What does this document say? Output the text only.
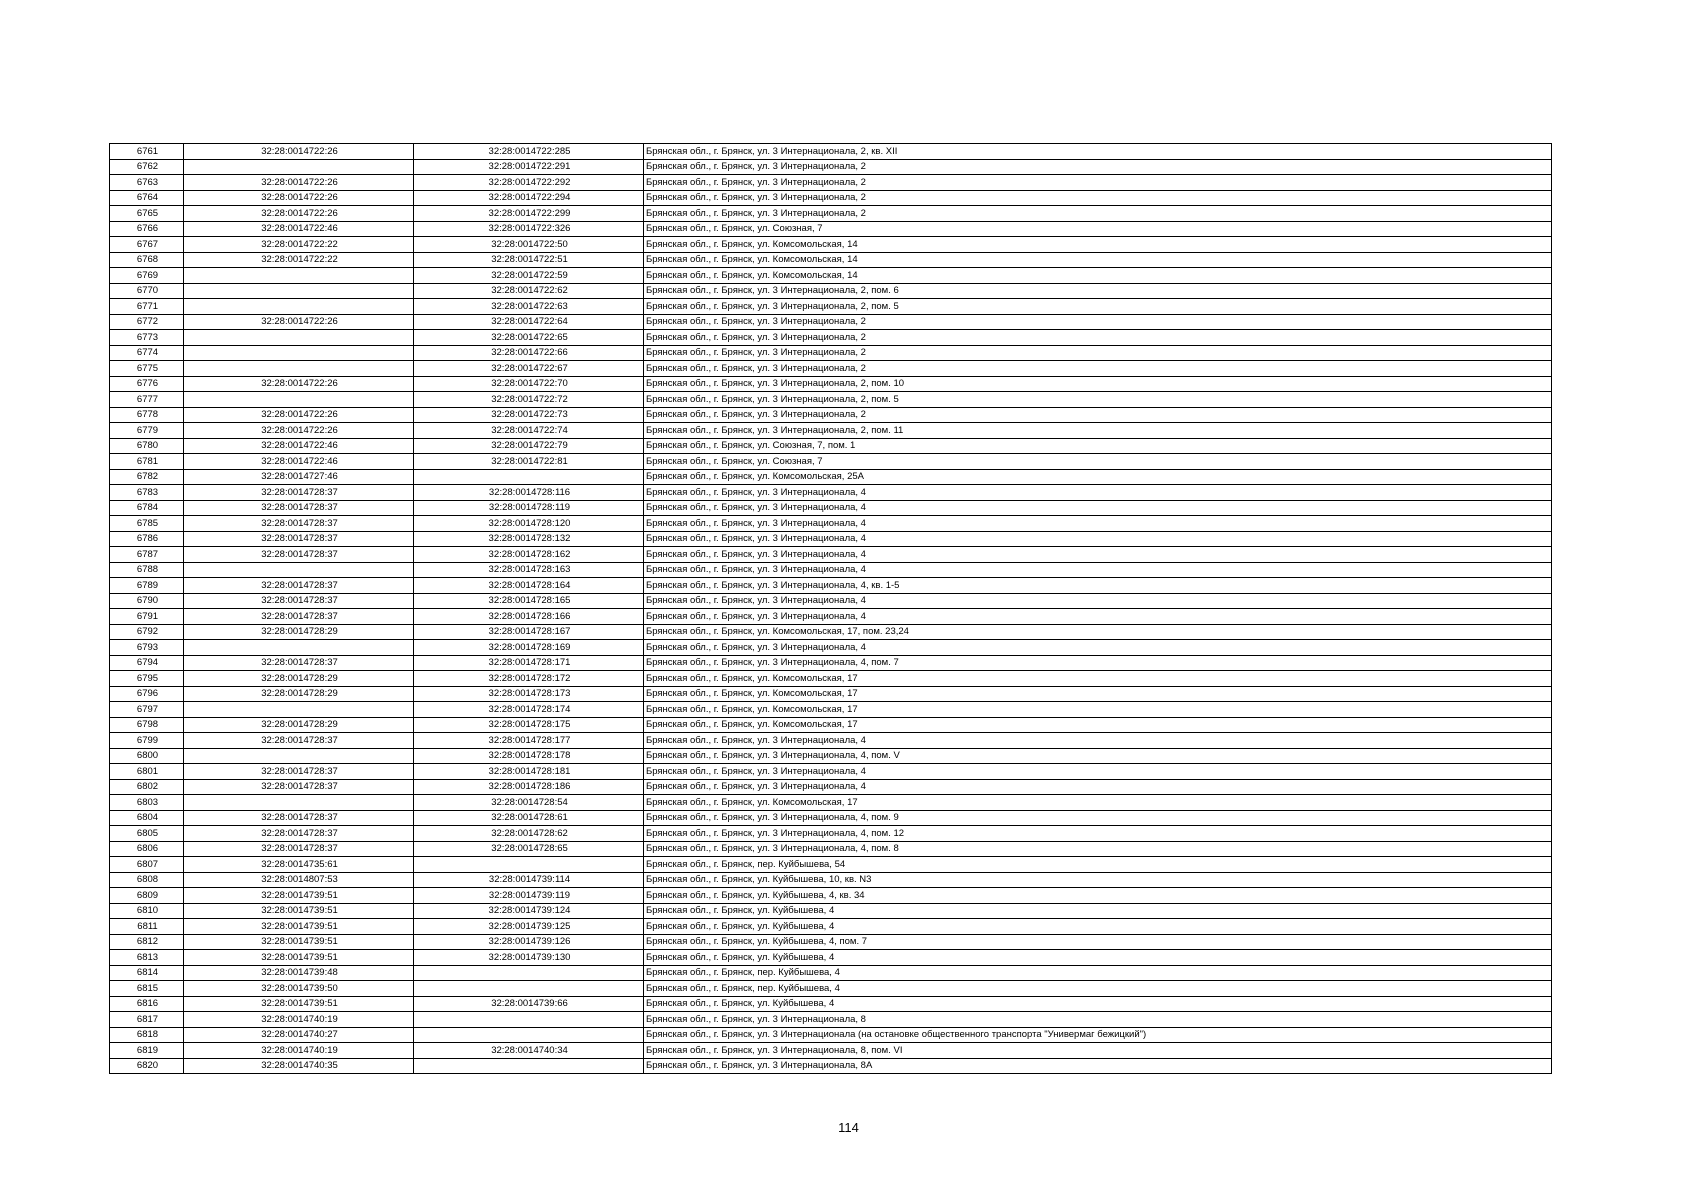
6761	32:28:0014722:26	32:28:0014722:285	Брянская обл., г. Брянск, ул. 3 Интернационала, 2, кв. XII
6762		32:28:0014722:291	Брянская обл., г. Брянск, ул. 3 Интернационала, 2
6763	32:28:0014722:26	32:28:0014722:292	Брянская обл., г. Брянск, ул. 3 Интернационала, 2
6764	32:28:0014722:26	32:28:0014722:294	Брянская обл., г. Брянск, ул. 3 Интернационала, 2
6765	32:28:0014722:26	32:28:0014722:299	Брянская обл., г. Брянск, ул. 3 Интернационала, 2
6766	32:28:0014722:46	32:28:0014722:326	Брянская обл., г. Брянск, ул. Союзная, 7
6767	32:28:0014722:22	32:28:0014722:50	Брянская обл., г. Брянск, ул. Комсомольская, 14
6768	32:28:0014722:22	32:28:0014722:51	Брянская обл., г. Брянск, ул. Комсомольская, 14
6769		32:28:0014722:59	Брянская обл., г. Брянск, ул. Комсомольская, 14
6770		32:28:0014722:62	Брянская обл., г. Брянск, ул. 3 Интернационала, 2, пом. 6
6771		32:28:0014722:63	Брянская обл., г. Брянск, ул. 3 Интернационала, 2, пом. 5
6772	32:28:0014722:26	32:28:0014722:64	Брянская обл., г. Брянск, ул. 3 Интернационала, 2
6773		32:28:0014722:65	Брянская обл., г. Брянск, ул. 3 Интернационала, 2
6774		32:28:0014722:66	Брянская обл., г. Брянск, ул. 3 Интернационала, 2
6775		32:28:0014722:67	Брянская обл., г. Брянск, ул. 3 Интернационала, 2
6776	32:28:0014722:26	32:28:0014722:70	Брянская обл., г. Брянск, ул. 3 Интернационала, 2, пом. 10
6777		32:28:0014722:72	Брянская обл., г. Брянск, ул. 3 Интернационала, 2, пом. 5
6778	32:28:0014722:26	32:28:0014722:73	Брянская обл., г. Брянск, ул. 3 Интернационала, 2
6779	32:28:0014722:26	32:28:0014722:74	Брянская обл., г. Брянск, ул. 3 Интернационала, 2, пом. 11
6780	32:28:0014722:46	32:28:0014722:79	Брянская обл., г. Брянск, ул. Союзная, 7, пом. 1
6781	32:28:0014722:46	32:28:0014722:81	Брянская обл., г. Брянск, ул. Союзная, 7
6782	32:28:0014727:46		Брянская обл., г. Брянск, ул. Комсомольская, 25А
6783	32:28:0014728:37	32:28:0014728:116	Брянская обл., г. Брянск, ул. 3 Интернационала, 4
6784	32:28:0014728:37	32:28:0014728:119	Брянская обл., г. Брянск, ул. 3 Интернационала, 4
6785	32:28:0014728:37	32:28:0014728:120	Брянская обл., г. Брянск, ул. 3 Интернационала, 4
6786	32:28:0014728:37	32:28:0014728:132	Брянская обл., г. Брянск, ул. 3 Интернационала, 4
6787	32:28:0014728:37	32:28:0014728:162	Брянская обл., г. Брянск, ул. 3 Интернационала, 4
6788		32:28:0014728:163	Брянская обл., г. Брянск, ул. 3 Интернационала, 4
6789	32:28:0014728:37	32:28:0014728:164	Брянская обл., г. Брянск, ул. 3 Интернационала, 4, кв. 1-5
6790	32:28:0014728:37	32:28:0014728:165	Брянская обл., г. Брянск, ул. 3 Интернационала, 4
6791	32:28:0014728:37	32:28:0014728:166	Брянская обл., г. Брянск, ул. 3 Интернационала, 4
6792	32:28:0014728:29	32:28:0014728:167	Брянская обл., г. Брянск, ул. Комсомольская, 17, пом. 23,24
6793		32:28:0014728:169	Брянская обл., г. Брянск, ул. 3 Интернационала, 4
6794	32:28:0014728:37	32:28:0014728:171	Брянская обл., г. Брянск, ул. 3 Интернационала, 4, пом. 7
6795	32:28:0014728:29	32:28:0014728:172	Брянская обл., г. Брянск, ул. Комсомольская, 17
6796	32:28:0014728:29	32:28:0014728:173	Брянская обл., г. Брянск, ул. Комсомольская, 17
6797		32:28:0014728:174	Брянская обл., г. Брянск, ул. Комсомольская, 17
6798	32:28:0014728:29	32:28:0014728:175	Брянская обл., г. Брянск, ул. Комсомольская, 17
6799	32:28:0014728:37	32:28:0014728:177	Брянская обл., г. Брянск, ул. 3 Интернационала, 4
6800		32:28:0014728:178	Брянская обл., г. Брянск, ул. 3 Интернационала, 4, пом. V
6801	32:28:0014728:37	32:28:0014728:181	Брянская обл., г. Брянск, ул. 3 Интернационала, 4
6802	32:28:0014728:37	32:28:0014728:186	Брянская обл., г. Брянск, ул. 3 Интернационала, 4
6803		32:28:0014728:54	Брянская обл., г. Брянск, ул. Комсомольская, 17
6804	32:28:0014728:37	32:28:0014728:61	Брянская обл., г. Брянск, ул. 3 Интернационала, 4, пом. 9
6805	32:28:0014728:37	32:28:0014728:62	Брянская обл., г. Брянск, ул. 3 Интернационала, 4, пом. 12
6806	32:28:0014728:37	32:28:0014728:65	Брянская обл., г. Брянск, ул. 3 Интернационала, 4, пом. 8
6807	32:28:0014735:61		Брянская обл., г. Брянск, пер. Куйбышева, 54
6808	32:28:0014807:53	32:28:0014739:114	Брянская обл., г. Брянск, ул. Куйбышева, 10, кв. N3
6809	32:28:0014739:51	32:28:0014739:119	Брянская обл., г. Брянск, ул. Куйбышева, 4, кв. 34
6810	32:28:0014739:51	32:28:0014739:124	Брянская обл., г. Брянск, ул. Куйбышева, 4
6811	32:28:0014739:51	32:28:0014739:125	Брянская обл., г. Брянск, ул. Куйбышева, 4
6812	32:28:0014739:51	32:28:0014739:126	Брянская обл., г. Брянск, ул. Куйбышева, 4, пом. 7
6813	32:28:0014739:51	32:28:0014739:130	Брянская обл., г. Брянск, ул. Куйбышева, 4
6814	32:28:0014739:48		Брянская обл., г. Брянск, пер. Куйбышева, 4
6815	32:28:0014739:50		Брянская обл., г. Брянск, пер. Куйбышева, 4
6816	32:28:0014739:51	32:28:0014739:66	Брянская обл., г. Брянск, ул. Куйбышева, 4
6817	32:28:0014740:19		Брянская обл., г. Брянск, ул. 3 Интернационала, 8
6818	32:28:0014740:27		Брянская обл., г. Брянск, ул. 3 Интернационала (на остановке общественного транспорта "Универмаг бежицкий")
6819	32:28:0014740:19	32:28:0014740:34	Брянская обл., г. Брянск, ул. 3 Интернационала, 8, пом. VI
6820	32:28:0014740:35		Брянская обл., г. Брянск, ул. 3 Интернационала, 8А
114
